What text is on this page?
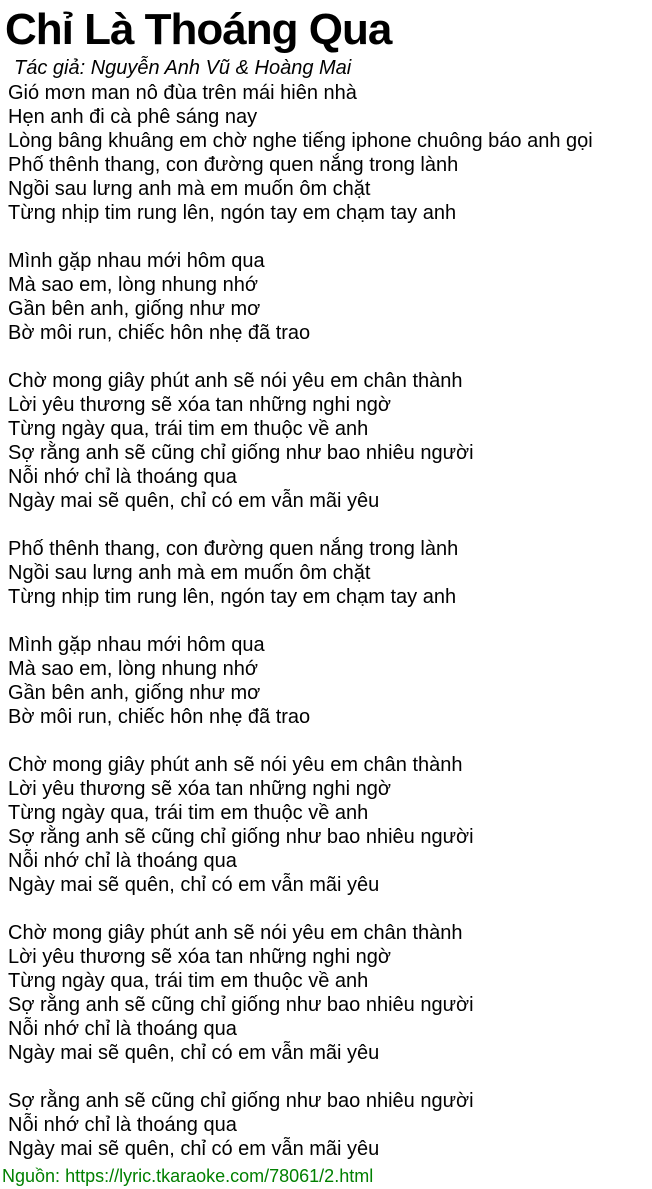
Chỉ Là Thoáng Qua
Tác giả: Nguyễn Anh Vũ & Hoàng Mai
Gió mơn man nô đùa trên mái hiên nhà
Hẹn anh đi cà phê sáng nay
Lòng bâng khuâng em chờ nghe tiếng iphone chuông báo anh gọi
Phố thênh thang, con đường quen nắng trong lành
Ngồi sau lưng anh mà em muốn ôm chặt
Từng nhịp tim rung lên, ngón tay em chạm tay anh
Mình gặp nhau mới hôm qua
Mà sao em, lòng nhung nhớ
Gần bên anh, giống như mơ
Bờ môi run, chiếc hôn nhẹ đã trao
Chờ mong giây phút anh sẽ nói yêu em chân thành
Lời yêu thương sẽ xóa tan những nghi ngờ
Từng ngày qua, trái tim em thuộc về anh
Sợ rằng anh sẽ cũng chỉ giống như bao nhiêu người
Nỗi nhớ chỉ là thoáng qua
Ngày mai sẽ quên, chỉ có em vẫn mãi yêu
Phố thênh thang, con đường quen nắng trong lành
Ngồi sau lưng anh mà em muốn ôm chặt
Từng nhịp tim rung lên, ngón tay em chạm tay anh
Mình gặp nhau mới hôm qua
Mà sao em, lòng nhung nhớ
Gần bên anh, giống như mơ
Bờ môi run, chiếc hôn nhẹ đã trao
Chờ mong giây phút anh sẽ nói yêu em chân thành
Lời yêu thương sẽ xóa tan những nghi ngờ
Từng ngày qua, trái tim em thuộc về anh
Sợ rằng anh sẽ cũng chỉ giống như bao nhiêu người
Nỗi nhớ chỉ là thoáng qua
Ngày mai sẽ quên, chỉ có em vẫn mãi yêu
Chờ mong giây phút anh sẽ nói yêu em chân thành
Lời yêu thương sẽ xóa tan những nghi ngờ
Từng ngày qua, trái tim em thuộc về anh
Sợ rằng anh sẽ cũng chỉ giống như bao nhiêu người
Nỗi nhớ chỉ là thoáng qua
Ngày mai sẽ quên, chỉ có em vẫn mãi yêu
Sợ rằng anh sẽ cũng chỉ giống như bao nhiêu người
Nỗi nhớ chỉ là thoáng qua
Ngày mai sẽ quên, chỉ có em vẫn mãi yêu
Nguồn: https://lyric.tkaraoke.com/78061/2.html
